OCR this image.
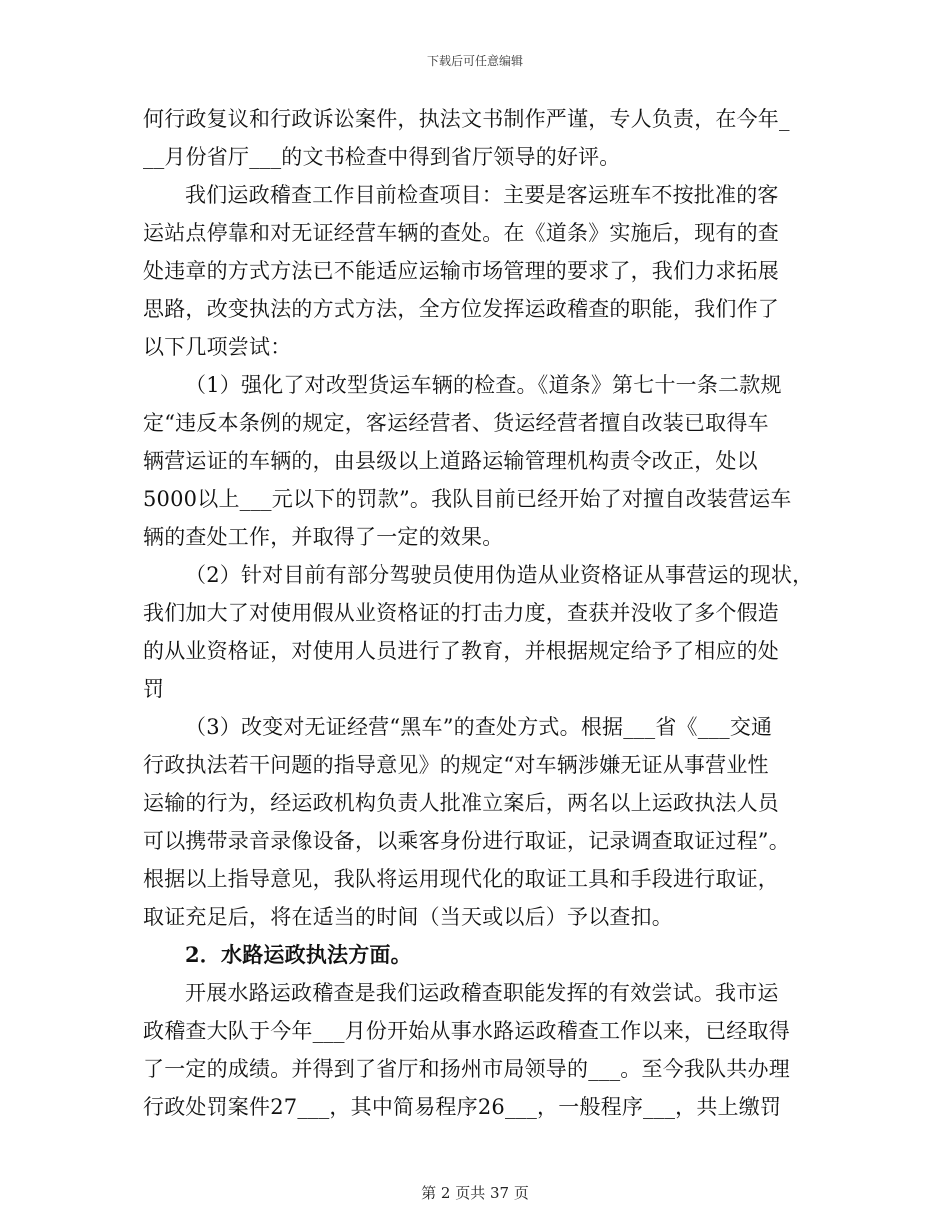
下载后可任意编辑
何行政复议和行政诉讼案件，执法文书制作严谨，专人负责，在今年_
__月份省厅___的文书检查中得到省厅领导的好评。
我们运政稽查工作目前检查项目：主要是客运班车不按批准的客
运站点停靠和对无证经营车辆的查处。在《道条》实施后，现有的查
处违章的方式方法已不能适应运输市场管理的要求了，我们力求拓展
思路，改变执法的方式方法，全方位发挥运政稽查的职能，我们作了
以下几项尝试：
（1）强化了对改型货运车辆的检查。《道条》第七十一条二款规
定“违反本条例的规定，客运经营者、货运经营者擅自改装已取得车
辆营运证的车辆的，由县级以上道路运输管理机构责令改正，处以
5000以上___元以下的罚款”。我队目前已经开始了对擅自改装营运车
辆的查处工作，并取得了一定的效果。
（2）针对目前有部分驾驶员使用伪造从业资格证从事营运的现状，
我们加大了对使用假从业资格证的打击力度，查获并没收了多个假造
的从业资格证，对使用人员进行了教育，并根据规定给予了相应的处
罚
（3）改变对无证经营“黑车”的查处方式。根据___省《___交通
行政执法若干问题的指导意见》的规定“对车辆涉嫌无证从事营业性
运输的行为，经运政机构负责人批准立案后，两名以上运政执法人员
可以携带录音录像设备，以乘客身份进行取证，记录调查取证过程”。
根据以上指导意见，我队将运用现代化的取证工具和手段进行取证，
取证充足后，将在适当的时间（当天或以后）予以查扣。
2．水路运政执法方面。
开展水路运政稽查是我们运政稽查职能发挥的有效尝试。我市运
政稽查大队于今年___月份开始从事水路运政稽查工作以来，已经取得
了一定的成绩。并得到了省厅和扬州市局领导的___。至今我队共办理
行政处罚案件27___，其中简易程序26___，一般程序___，共上缴罚
第 2 页共 37 页
